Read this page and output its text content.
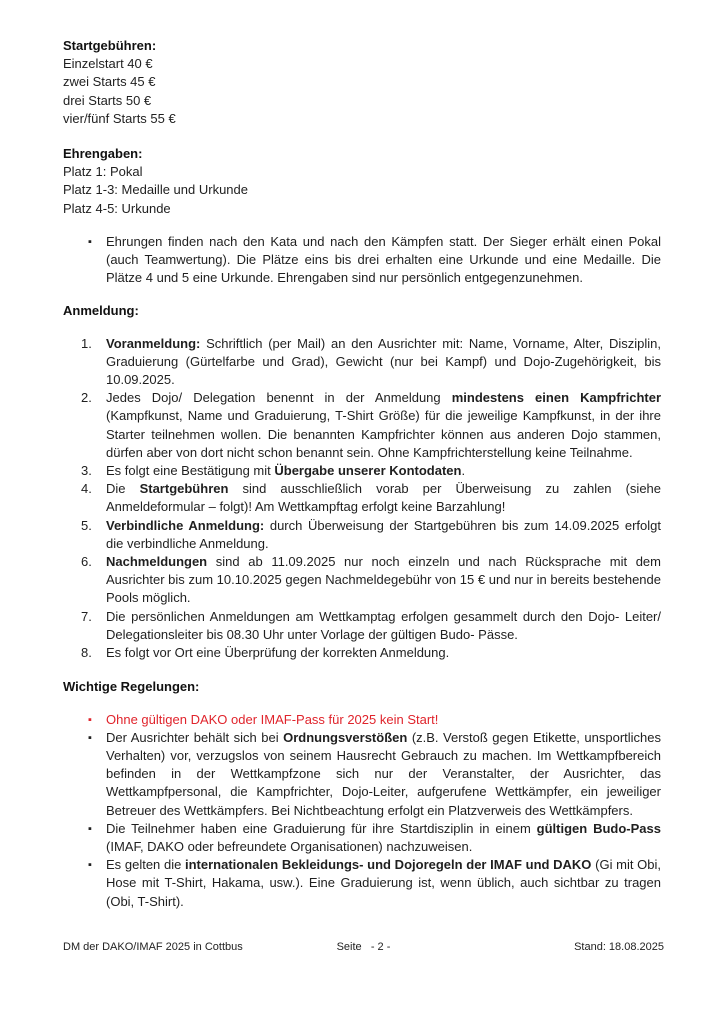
Startgebühren:
Einzelstart 40 €
zwei Starts 45 €
drei Starts 50 €
vier/fünf Starts 55 €
Ehrengaben:
Platz 1: Pokal
Platz 1-3: Medaille und Urkunde
Platz 4-5: Urkunde
▪ Ehrungen finden nach den Kata und nach den Kämpfen statt. Der Sieger erhält einen Pokal (auch Teamwertung). Die Plätze eins bis drei erhalten eine Urkunde und eine Medaille. Die Plätze 4 und 5 eine Urkunde. Ehrengaben sind nur persönlich entgegenzunehmen.
Anmeldung:
Voranmeldung: Schriftlich (per Mail) an den Ausrichter mit: Name, Vorname, Alter, Disziplin, Graduierung (Gürtelfarbe und Grad), Gewicht (nur bei Kampf) und Dojo-Zugehörigkeit, bis 10.09.2025.
Jedes Dojo/ Delegation benennt in der Anmeldung mindestens einen Kampfrichter (Kampfkunst, Name und Graduierung, T-Shirt Größe) für die jeweilige Kampfkunst, in der ihre Starter teilnehmen wollen. Die benannten Kampfrichter können aus anderen Dojo stammen, dürfen aber von dort nicht schon benannt sein. Ohne Kampfrichterstellung keine Teilnahme.
Es folgt eine Bestätigung mit Übergabe unserer Kontodaten.
Die Startgebühren sind ausschließlich vorab per Überweisung zu zahlen (siehe Anmeldeformular – folgt)! Am Wettkampftag erfolgt keine Barzahlung!
Verbindliche Anmeldung: durch Überweisung der Startgebühren bis zum 14.09.2025 erfolgt die verbindliche Anmeldung.
Nachmeldungen sind ab 11.09.2025 nur noch einzeln und nach Rücksprache mit dem Ausrichter bis zum 10.10.2025 gegen Nachmeldegebühr von 15 € und nur in bereits bestehende Pools möglich.
Die persönlichen Anmeldungen am Wettkamptag erfolgen gesammelt durch den Dojo- Leiter/ Delegationsleiter bis 08.30 Uhr unter Vorlage der gültigen Budo- Pässe.
Es folgt vor Ort eine Überprüfung der korrekten Anmeldung.
Wichtige Regelungen:
▪ Ohne gültigen DAKO oder IMAF-Pass für 2025 kein Start!
▪ Der Ausrichter behält sich bei Ordnungsverstößen (z.B. Verstoß gegen Etikette, unsportliches Verhalten) vor, verzugslos von seinem Hausrecht Gebrauch zu machen. Im Wettkampfbereich befinden in der Wettkampfzone sich nur der Veranstalter, der Ausrichter, das Wettkampfpersonal, die Kampfrichter, Dojo-Leiter, aufgerufene Wettkämpfer, ein jeweiliger Betreuer des Wettkämpfers. Bei Nichtbeachtung erfolgt ein Platzverweis des Wettkämpfers.
▪ Die Teilnehmer haben eine Graduierung für ihre Startdisziplin in einem gültigen Budo-Pass (IMAF, DAKO oder befreundete Organisationen) nachzuweisen.
▪ Es gelten die internationalen Bekleidungs- und Dojoregeln der IMAF und DAKO (Gi mit Obi, Hose mit T-Shirt, Hakama, usw.). Eine Graduierung ist, wenn üblich, auch sichtbar zu tragen (Obi, T-Shirt).
DM der DAKO/IMAF 2025 in Cottbus	Seite   - 2 -	Stand: 18.08.2025
